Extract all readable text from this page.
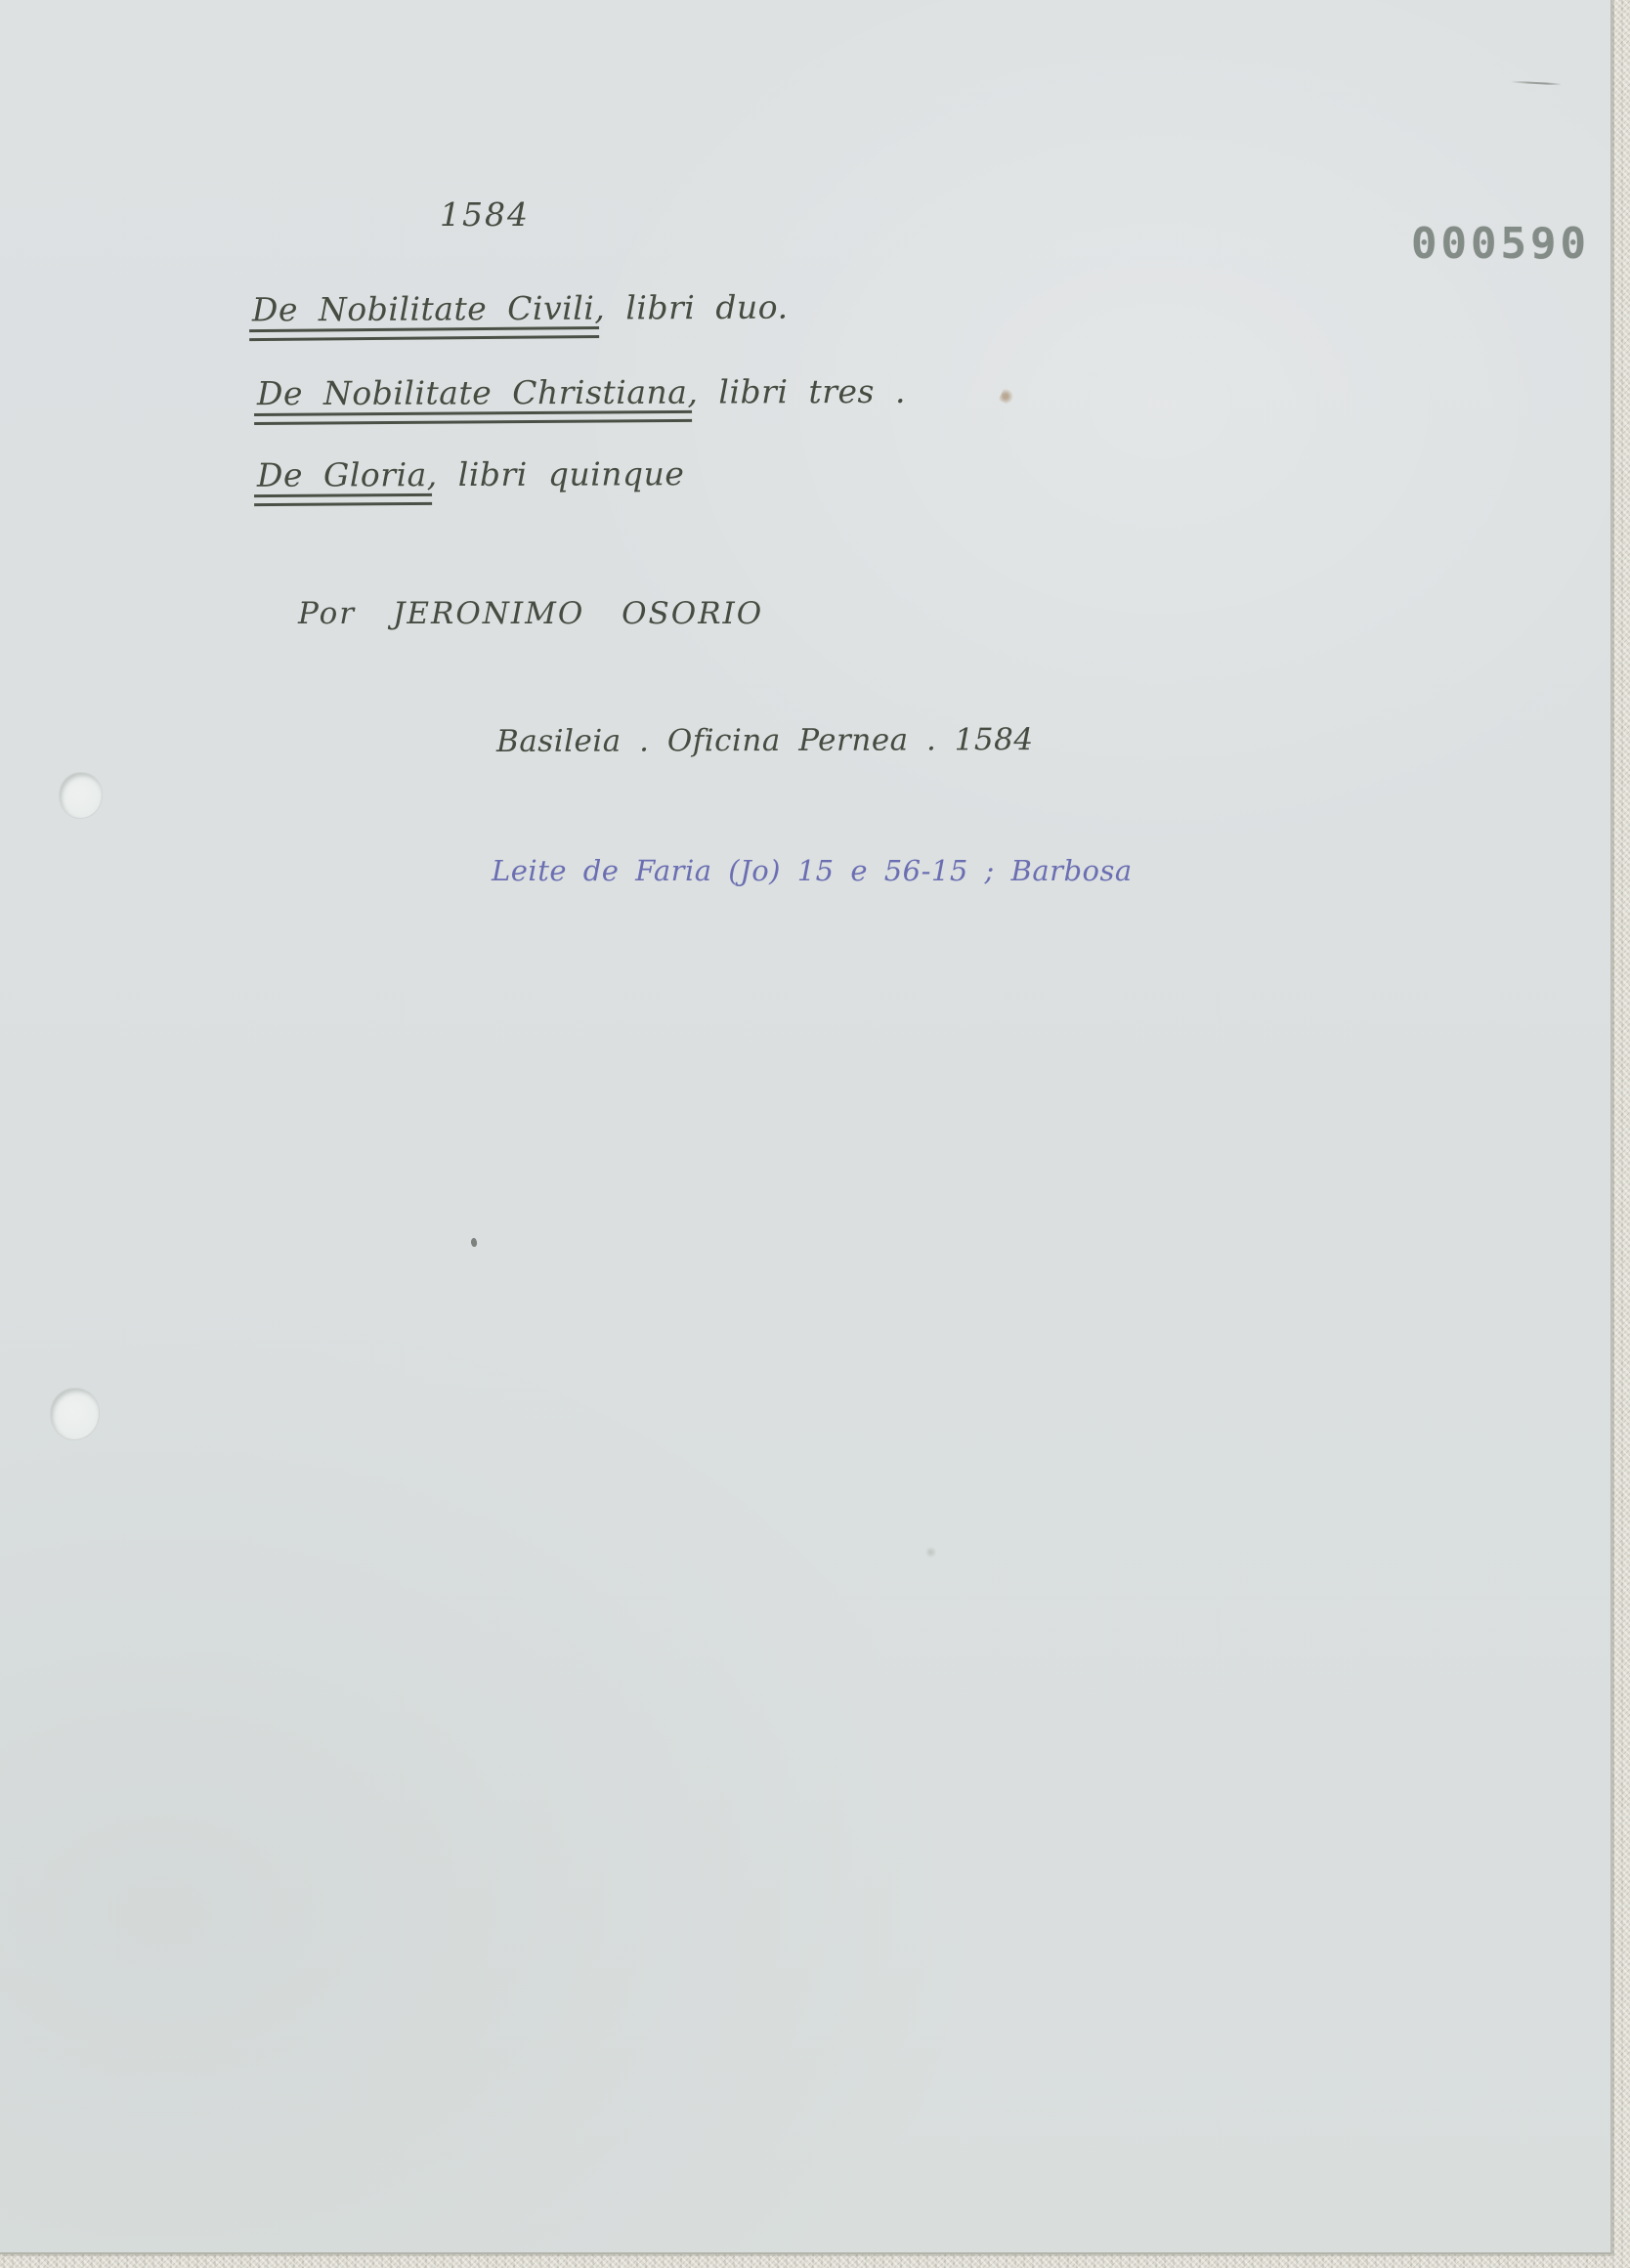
000590
1584
De Nobilitate Civili, libri duo.
De Nobilitate Christiana, libri tres .
De Gloria, libri quinque
Por JERONIMO OSORIO
Basileia . Oficina Pernea . 1584
Leite de Faria (Jo) 15 e 56-15 ; Barbosa
